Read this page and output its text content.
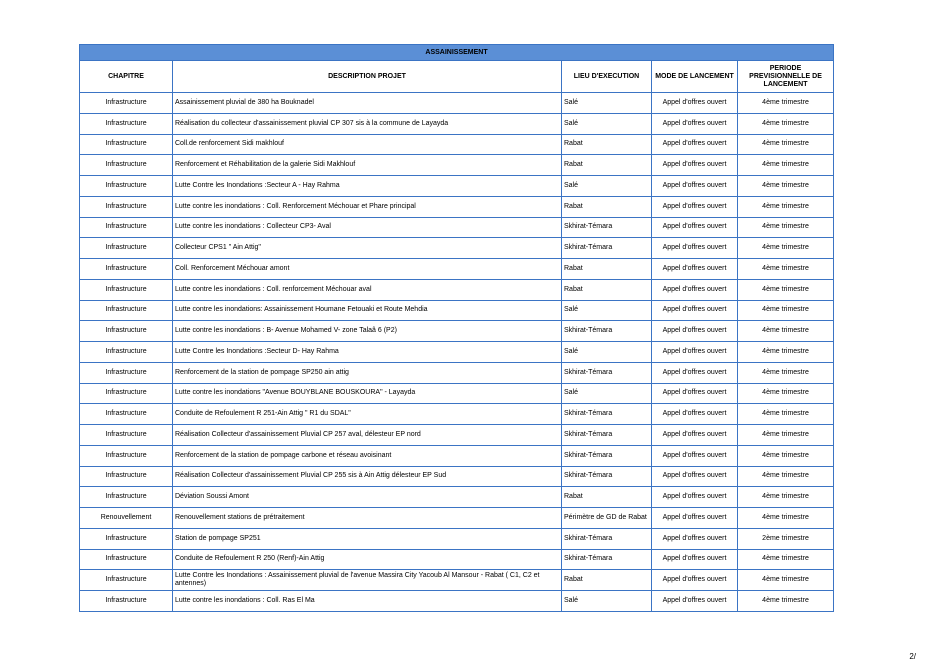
ASSAINISSEMENT				
CHAPITRE	DESCRIPTION PROJET	LIEU D'EXECUTION	MODE DE LANCEMENT	PERIODE PREVISIONNELLE DE LANCEMENT
Infrastructure	Assainissement pluvial de 380 ha Bouknadel	Salé	Appel d'offres ouvert	4ème trimestre
Infrastructure	Réalisation du collecteur d'assainissement pluvial CP 307 sis à la commune de Layayda	Salé	Appel d'offres ouvert	4ème trimestre
Infrastructure	Coll.de renforcement Sidi makhlouf	Rabat	Appel d'offres ouvert	4ème trimestre
Infrastructure	Renforcement et Réhabilitation de la galerie Sidi Makhlouf	Rabat	Appel d'offres ouvert	4ème trimestre
Infrastructure	Lutte Contre les Inondations :Secteur A - Hay Rahma	Salé	Appel d'offres ouvert	4ème trimestre
Infrastructure	Lutte contre les inondations : Coll. Renforcement Méchouar et Phare principal	Rabat	Appel d'offres ouvert	4ème trimestre
Infrastructure	Lutte contre les inondations : Collecteur CP3- Aval	Skhirat-Témara	Appel d'offres ouvert	4ème trimestre
Infrastructure	Collecteur CPS1 " Ain Attig"	Skhirat-Témara	Appel d'offres ouvert	4ème trimestre
Infrastructure	Coll. Renforcement Méchouar amont	Rabat	Appel d'offres ouvert	4ème trimestre
Infrastructure	Lutte contre les inondations : Coll. renforcement Méchouar aval	Rabat	Appel d'offres ouvert	4ème trimestre
Infrastructure	Lutte contre les inondations: Assainissement Houmane Fetouaki et Route Mehdia	Salé	Appel d'offres ouvert	4ème trimestre
Infrastructure	Lutte contre les inondations : B- Avenue Mohamed V- zone Talaâ 6 (P2)	Skhirat-Témara	Appel d'offres ouvert	4ème trimestre
Infrastructure	Lutte Contre les Inondations :Secteur D- Hay Rahma	Salé	Appel d'offres ouvert	4ème trimestre
Infrastructure	Renforcement de la station de pompage SP250 ain attig	Skhirat-Témara	Appel d'offres ouvert	4ème trimestre
Infrastructure	Lutte contre les inondations "Avenue BOUYBLANE BOUSKOURA" - Layayda	Salé	Appel d'offres ouvert	4ème trimestre
Infrastructure	Conduite de Refoulement R 251-Ain Attig " R1 du SDAL"	Skhirat-Témara	Appel d'offres ouvert	4ème trimestre
Infrastructure	Réalisation Collecteur d'assainissement Pluvial CP 257 aval, délesteur EP nord	Skhirat-Témara	Appel d'offres ouvert	4ème trimestre
Infrastructure	Renforcement de la station de pompage carbone et réseau avoisinant	Skhirat-Témara	Appel d'offres ouvert	4ème trimestre
Infrastructure	Réalisation Collecteur d'assainissement Pluvial CP 255 sis à Ain Attig délesteur EP Sud	Skhirat-Témara	Appel d'offres ouvert	4ème trimestre
Infrastructure	Déviation Soussi Amont	Rabat	Appel d'offres ouvert	4ème trimestre
Renouvellement	Renouvellement stations de prétraitement	Périmètre de GD de Rabat	Appel d'offres ouvert	4ème trimestre
Infrastructure	Station de pompage SP251	Skhirat-Témara	Appel d'offres ouvert	2ème trimestre
Infrastructure	Conduite de Refoulement R 250 (Renf)-Ain Attig	Skhirat-Témara	Appel d'offres ouvert	4ème trimestre
Infrastructure	Lutte Contre les Inondations : Assainissement pluvial de l'avenue Massira City Yacoub Al Mansour - Rabat ( C1, C2 et antennes)	Rabat	Appel d'offres ouvert	4ème trimestre
Infrastructure	Lutte contre les inondations : Coll. Ras El Ma	Salé	Appel d'offres ouvert	4ème trimestre
2/
